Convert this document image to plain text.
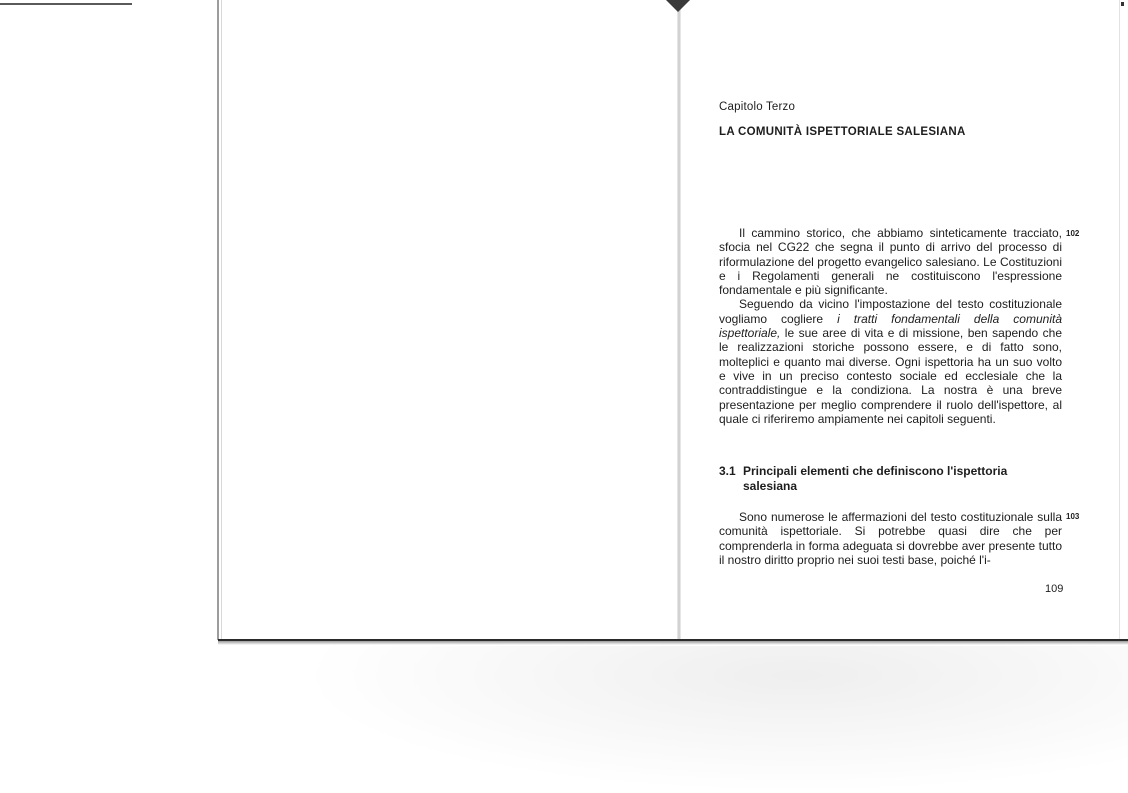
Capitolo Terzo
LA COMUNITÀ ISPETTORIALE SALESIANA

Il cammino storico, che abbiamo sinteticamente tracciato, sfocia nel CG22 che segna il punto di arrivo del processo di riformulazione del progetto evangelico salesiano. Le Costituzioni e i Regolamenti generali ne costituiscono l'espressione fondamentale e più significante.

Seguendo da vicino l'impostazione del testo costituzionale vogliamo cogliere i tratti fondamentali della comunità ispettoriale, le sue aree di vita e di missione, ben sapendo che le realizzazioni storiche possono essere, e di fatto sono, molteplici e quanto mai diverse. Ogni ispettoria ha un suo volto e vive in un preciso contesto sociale ed ecclesiale che la contraddistingue e la condiziona. La nostra è una breve presentazione per meglio comprendere il ruolo dell'ispettore, al quale ci riferiremo ampiamente nei capitoli seguenti.

102
3.1 Principali elementi che definiscono l'ispettoria salesiana

Sono numerose le affermazioni del testo costituzionale sulla comunità ispettoriale. Si potrebbe quasi dire che per comprenderla in forma adeguata si dovrebbe aver presente tutto il nostro diritto proprio nei suoi testi base, poiché l'i-

103
109
